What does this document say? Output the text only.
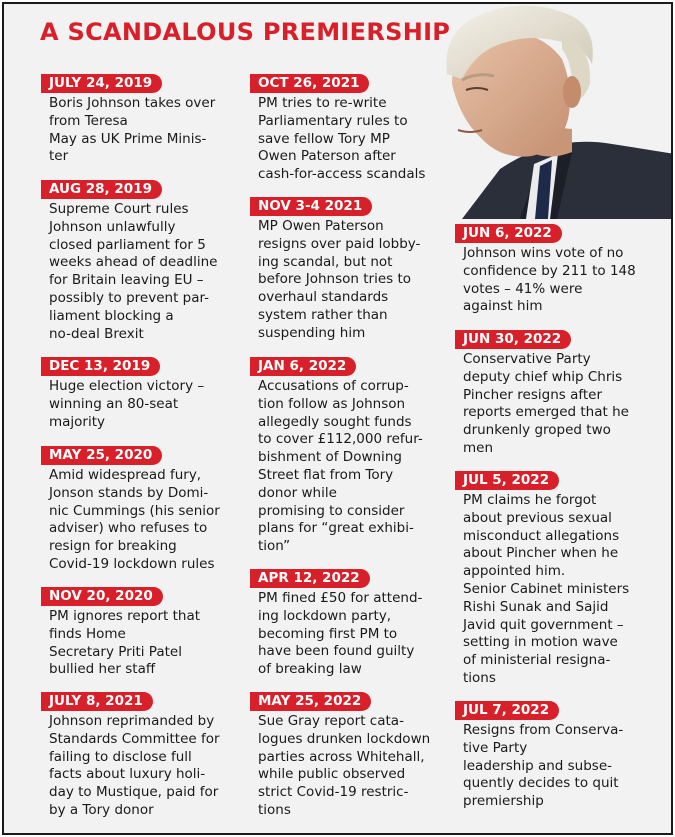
A SCANDALOUS PREMIERSHIP
JULY 24, 2019
Boris Johnson takes over
from Teresa
May as UK Prime Minis-
ter
AUG 28, 2019
Supreme Court rules
Johnson unlawfully
closed parliament for 5
weeks ahead of deadline
for Britain leaving EU –
possibly to prevent par-
liament blocking a
no-deal Brexit
DEC 13, 2019
Huge election victory –
winning an 80-seat
majority
MAY 25, 2020
Amid widespread fury,
Jonson stands by Domi-
nic Cummings (his senior
adviser) who refuses to
resign for breaking
Covid-19 lockdown rules
NOV 20, 2020
PM ignores report that
finds Home
Secretary Priti Patel
bullied her staff
JULY 8, 2021
Johnson reprimanded by
Standards Committee for
failing to disclose full
facts about luxury holi-
day to Mustique, paid for
by a Tory donor
OCT 26, 2021
PM tries to re-write
Parliamentary rules to
save fellow Tory MP
Owen Paterson after
cash-for-access scandals
NOV 3-4 2021
MP Owen Paterson
resigns over paid lobby-
ing scandal, but not
before Johnson tries to
overhaul standards
system rather than
suspending him
JAN 6, 2022
Accusations of corrup-
tion follow as Johnson
allegedly sought funds
to cover £112,000 refur-
bishment of Downing
Street flat from Tory
donor while
promising to consider
plans for “great exhibi-
tion”
APR 12, 2022
PM fined £50 for attend-
ing lockdown party,
becoming first PM to
have been found guilty
of breaking law
MAY 25, 2022
Sue Gray report cata-
logues drunken lockdown
parties across Whitehall,
while public observed
strict Covid-19 restric-
tions
JUN 6, 2022
Johnson wins vote of no
confidence by 211 to 148
votes – 41% were
against him
JUN 30, 2022
Conservative Party
deputy chief whip Chris
Pincher resigns after
reports emerged that he
drunkenly groped two
men
JUL 5, 2022
PM claims he forgot
about previous sexual
misconduct allegations
about Pincher when he
appointed him.
Senior Cabinet ministers
Rishi Sunak and Sajid
Javid quit government –
setting in motion wave
of ministerial resigna-
tions
JUL 7, 2022
Resigns from Conserva-
tive Party
leadership and subse-
quently decides to quit
premiership
